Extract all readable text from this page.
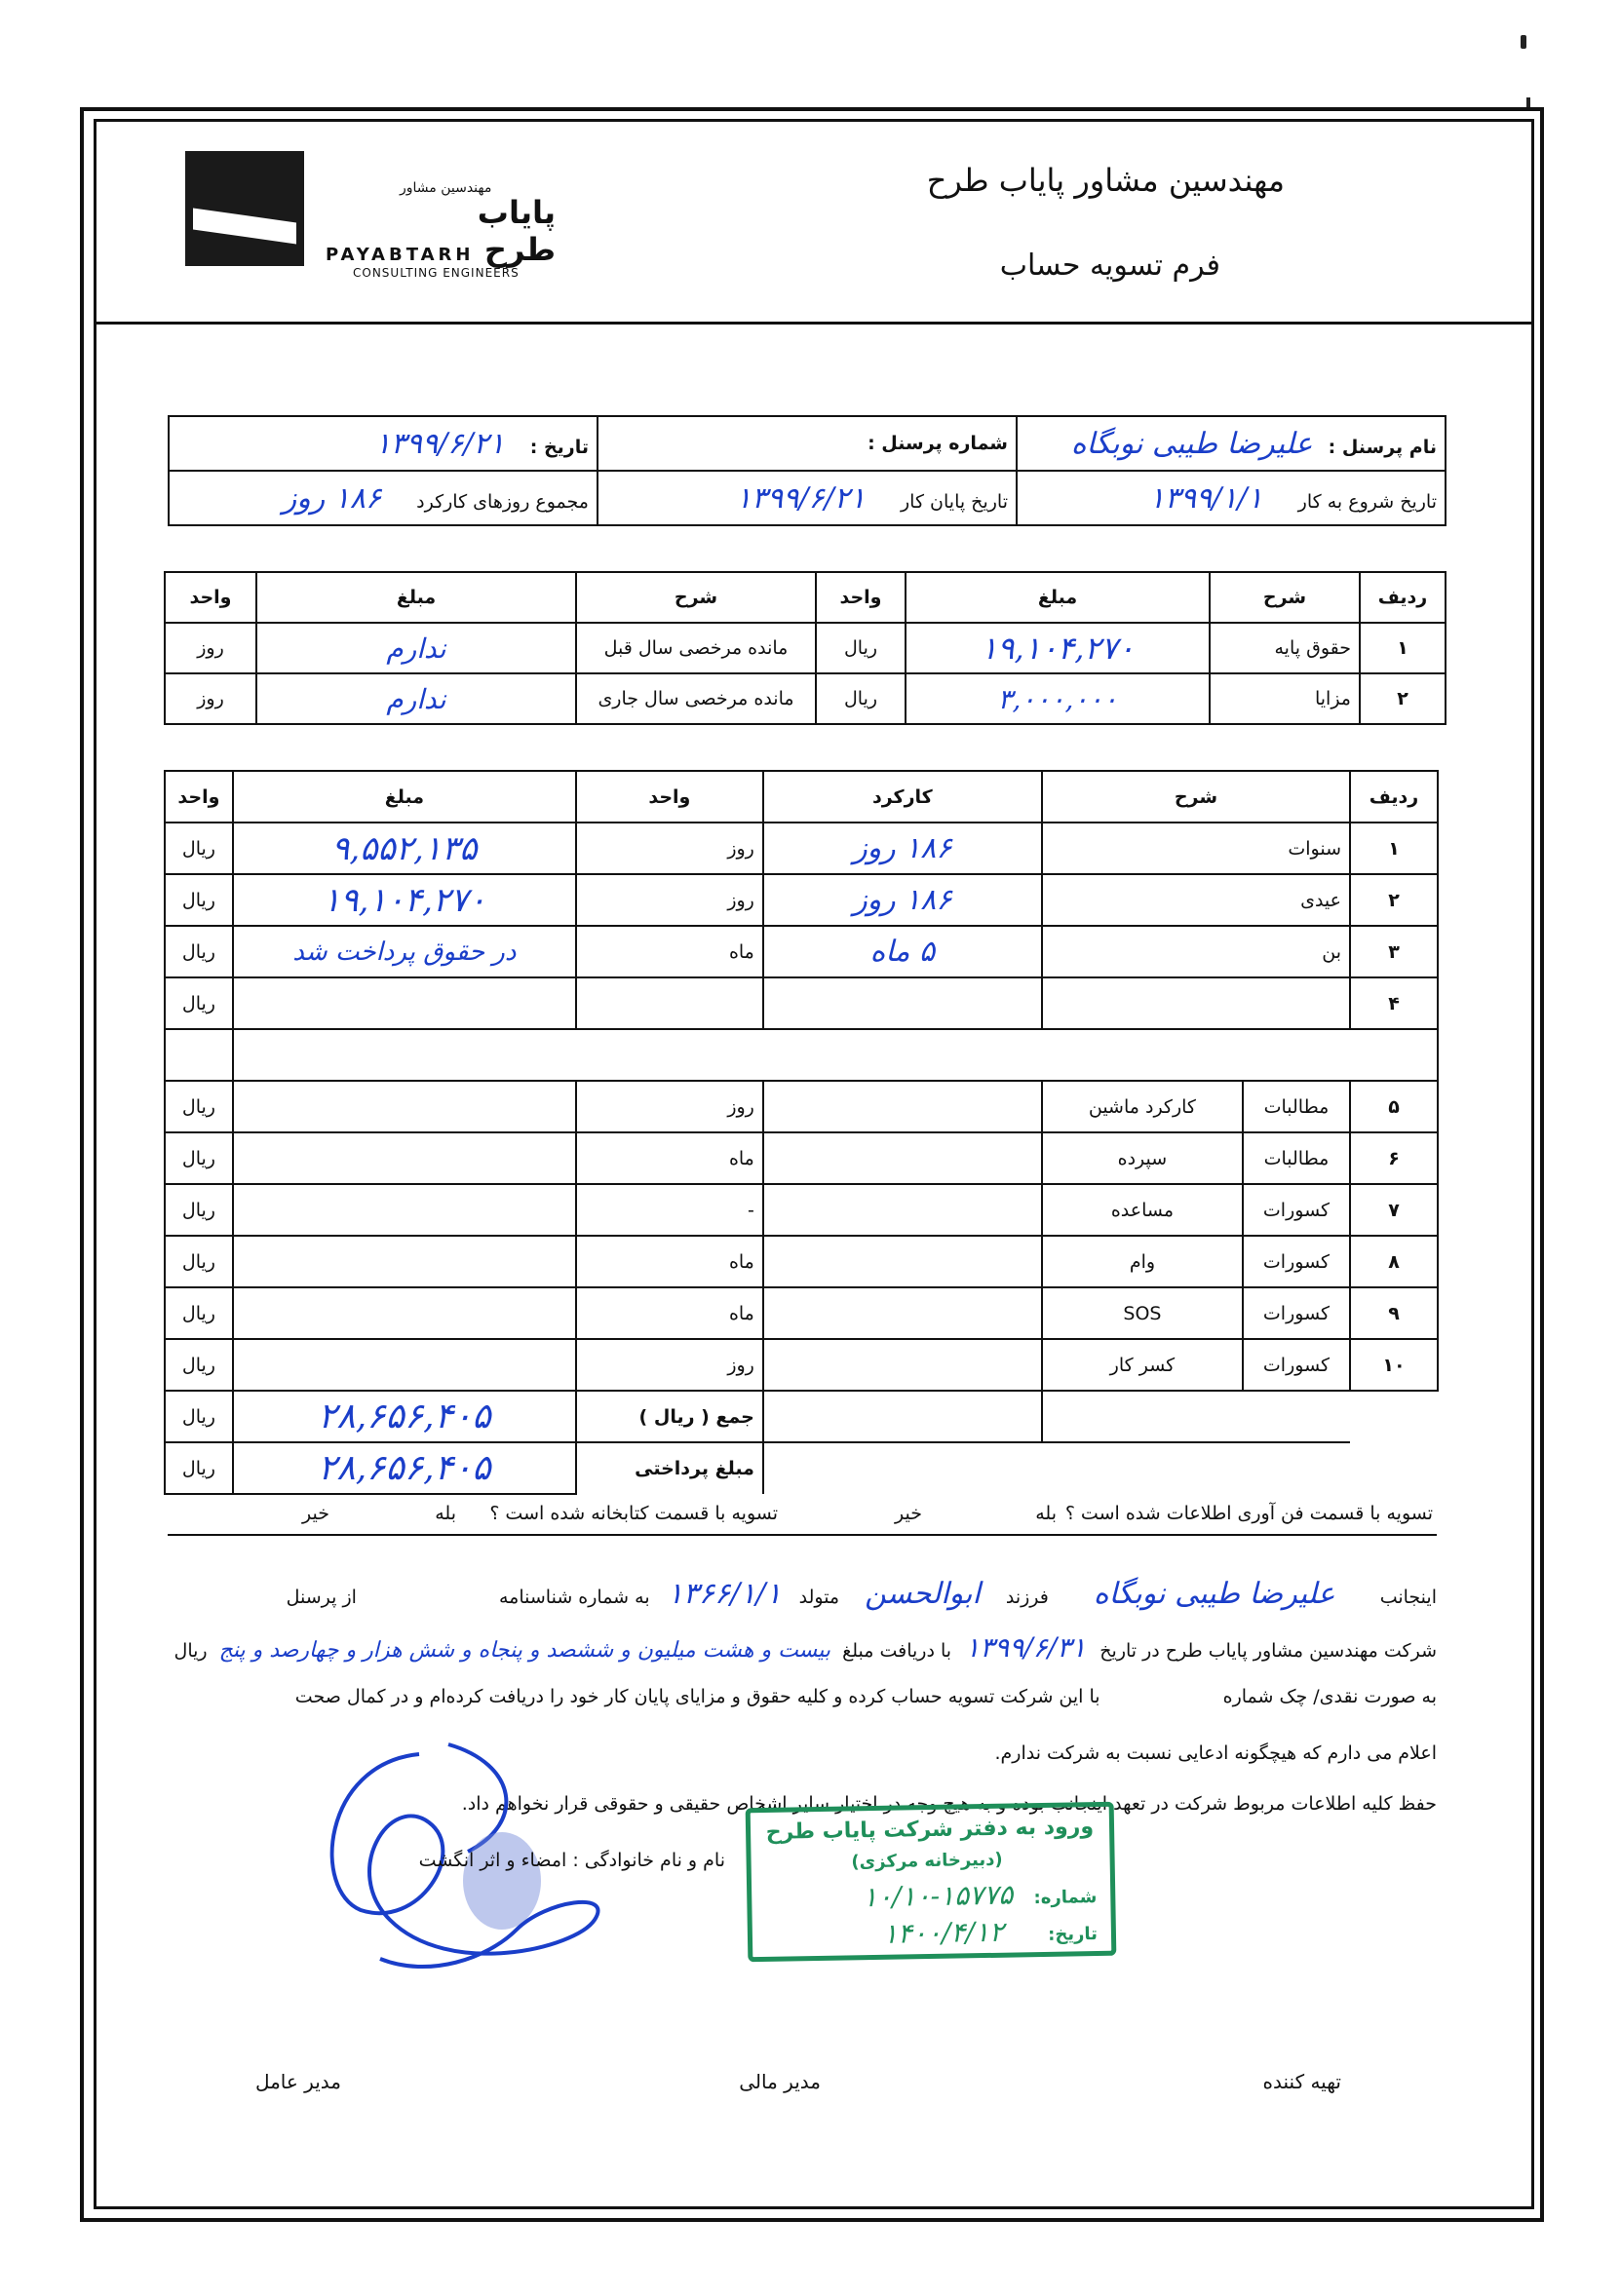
مهندسین مشاور
پایاب طرح
PAYABTARH
CONSULTING ENGINEERS
مهندسین مشاور پایاب طرح
فرم تسویه حساب
نام پرسنل : علیرضا طیبی نوبگاه	شماره پرسنل :	تاریخ : ۱۳۹۹/۶/۲۱
تاریخ شروع به کار ۱۳۹۹/۱/۱	تاریخ پایان کار ۱۳۹۹/۶/۲۱	مجموع روزهای کارکرد ۱۸۶ روز
ردیف	شرح	مبلغ	واحد	شرح	مبلغ	واحد
۱	حقوق پایه	۱۹,۱۰۴,۲۷۰	ریال	مانده مرخصی سال قبل	ندارم	روز
۲	مزایا	۳,۰۰۰,۰۰۰	ریال	مانده مرخصی سال جاری	ندارم	روز
ردیف	شرح		کارکرد	واحد	مبلغ	واحد
۱	سنوات		۱۸۶ روز	روز	۹,۵۵۲,۱۳۵	ریال
۲	عیدی		۱۸۶ روز	روز	۱۹,۱۰۴,۲۷۰	ریال
۳	بن		۵ ماه	ماه	در حقوق پرداخت شد	ریال
۴						ریال

۵	مطالبات	کارکرد ماشین		روز		ریال
۶	مطالبات	سپرده		ماه		ریال
۷	کسورات	مساعده		-		ریال
۸	کسورات	وام		ماه		ریال
۹	کسورات	SOS		ماه		ریال
۱۰	کسورات	کسر کار		روز		ریال
				جمع ( ریال )	۲۸,۶۵۶,۴۰۵	ریال
				مبلغ پرداختی	۲۸,۶۵۶,۴۰۵	ریال
تسویه با قسمت فن آوری اطلاعات شده است ؟
بله
خیر
تسویه با قسمت کتابخانه شده است ؟
بله
خیر
اینجانب علیرضا طیبی نوبگاه فرزند ابوالحسن متولد ۱۳۶۶/۱/۱ به شماره شناسنامه از پرسنل
شرکت مهندسین مشاور پایاب طرح در تاریخ ۱۳۹۹/۶/۳۱ با دریافت مبلغ بیست و هشت میلیون و ششصد و پنجاه و شش هزار و چهارصد و پنج ریال
به صورت نقدی/ چک شماره با این شرکت تسویه حساب کرده و کلیه حقوق و مزایای پایان کار خود را دریافت کرده‌ام و در کمال صحت
اعلام می دارم که هیچگونه ادعایی نسبت به شرکت ندارم.
حفظ کلیه اطلاعات مربوط شرکت در تعهد اینجانب بوده و به هیچ وجه در اختیار سایر اشخاص حقیقی و حقوقی قرار نخواهم داد.
نام و نام خانوادگی : امضاء و اثر انگشت
ورود به دفتر شرکت پایاب طرح
(دبیرخانه مرکزی)
شماره:
۱۰/۱۰-۱۵۷۷۵
تاریخ:
۱۴۰۰/۴/۱۲
تهیه کننده
مدیر مالی
مدیر عامل
